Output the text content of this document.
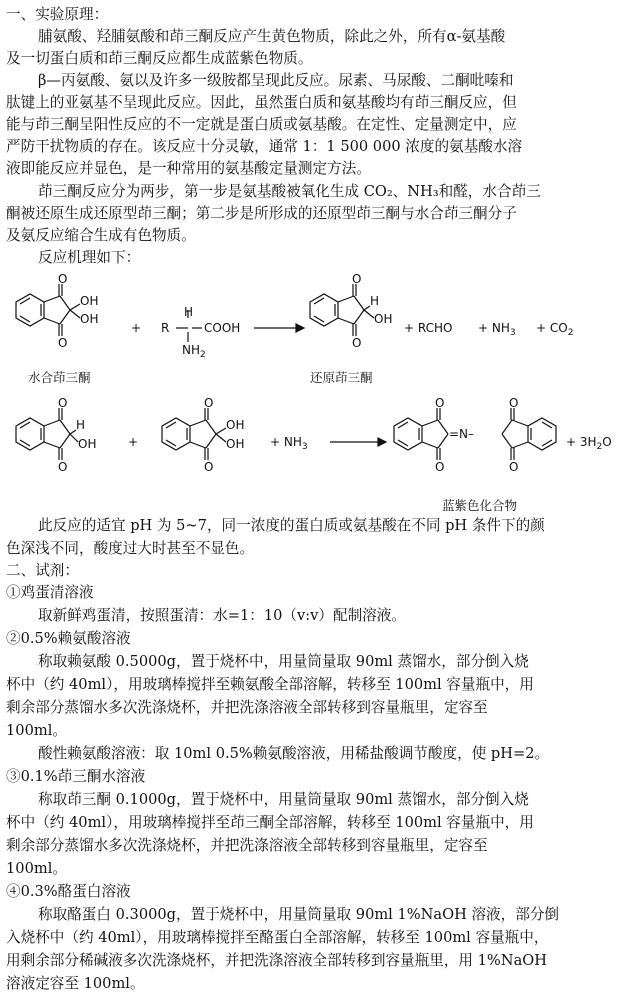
一、实验原理：
脯氨酸、羟脯氨酸和茚三酮反应产生黄色物质，除此之外，所有α-氨基酸
及一切蛋白质和茚三酮反应都生成蓝紫色物质。
β—丙氨酸、氨以及许多一级胺都呈现此反应。尿素、马尿酸、二酮吡嗪和
肽键上的亚氨基不呈现此反应。因此，虽然蛋白质和氨基酸均有茚三酮反应，但
能与茚三酮呈阳性反应的不一定就是蛋白质或氨基酸。在定性、定量测定中，应
严防干扰物质的存在。该反应十分灵敏，通常 1：1 500 000 浓度的氨基酸水溶
液即能反应并显色，是一种常用的氨基酸定量测定方法。
茚三酮反应分为两步，第一步是氨基酸被氧化生成 CO₂、NH₃和醛，水合茚三
酮被还原生成还原型茚三酮；第二步是所形成的还原型茚三酮与水合茚三酮分子
及氨反应缩合生成有色物质。
反应机理如下：
O
O
OH
OH
+ R
H
COOH
$NH_2$
O
O
H
OH
+ RCHO + $NH_3 + CO_2$
水合茚三酮	还原茚三酮
O
O
H
OH	+
O
O
OH
OH + $NH_3$
O
O
O
O
=N–
+ $3H_2O$
蓝紫色化合物
此反应的适宜 pH 为 5~7，同一浓度的蛋白质或氨基酸在不同 pH 条件下的颜
色深浅不同，酸度过大时甚至不显色。
二、试剂：
①鸡蛋清溶液
取新鲜鸡蛋清，按照蛋清：水=1：10（v:v）配制溶液。
②0.5%赖氨酸溶液
称取赖氨酸 0.5000g，置于烧杯中，用量筒量取 90ml 蒸馏水，部分倒入烧
杯中（约 40ml），用玻璃棒搅拌至赖氨酸全部溶解，转移至 100ml 容量瓶中，用
剩余部分蒸馏水多次洗涤烧杯，并把洗涤溶液全部转移到容量瓶里，定容至
100ml。
酸性赖氨酸溶液：取 10ml 0.5%赖氨酸溶液，用稀盐酸调节酸度，使 pH=2。
③0.1%茚三酮水溶液
称取茚三酮 0.1000g，置于烧杯中，用量筒量取 90ml 蒸馏水，部分倒入烧
杯中（约 40ml），用玻璃棒搅拌至茚三酮全部溶解，转移至 100ml 容量瓶中，用
剩余部分蒸馏水多次洗涤烧杯，并把洗涤溶液全部转移到容量瓶里，定容至
100ml。
④0.3%酪蛋白溶液
称取酪蛋白 0.3000g，置于烧杯中，用量筒量取 90ml 1%NaOH 溶液，部分倒
入烧杯中（约 40ml），用玻璃棒搅拌至酪蛋白全部溶解，转移至 100ml 容量瓶中，
用剩余部分稀碱液多次洗涤烧杯，并把洗涤溶液全部转移到容量瓶里，用 1%NaOH
溶液定容至 100ml。
